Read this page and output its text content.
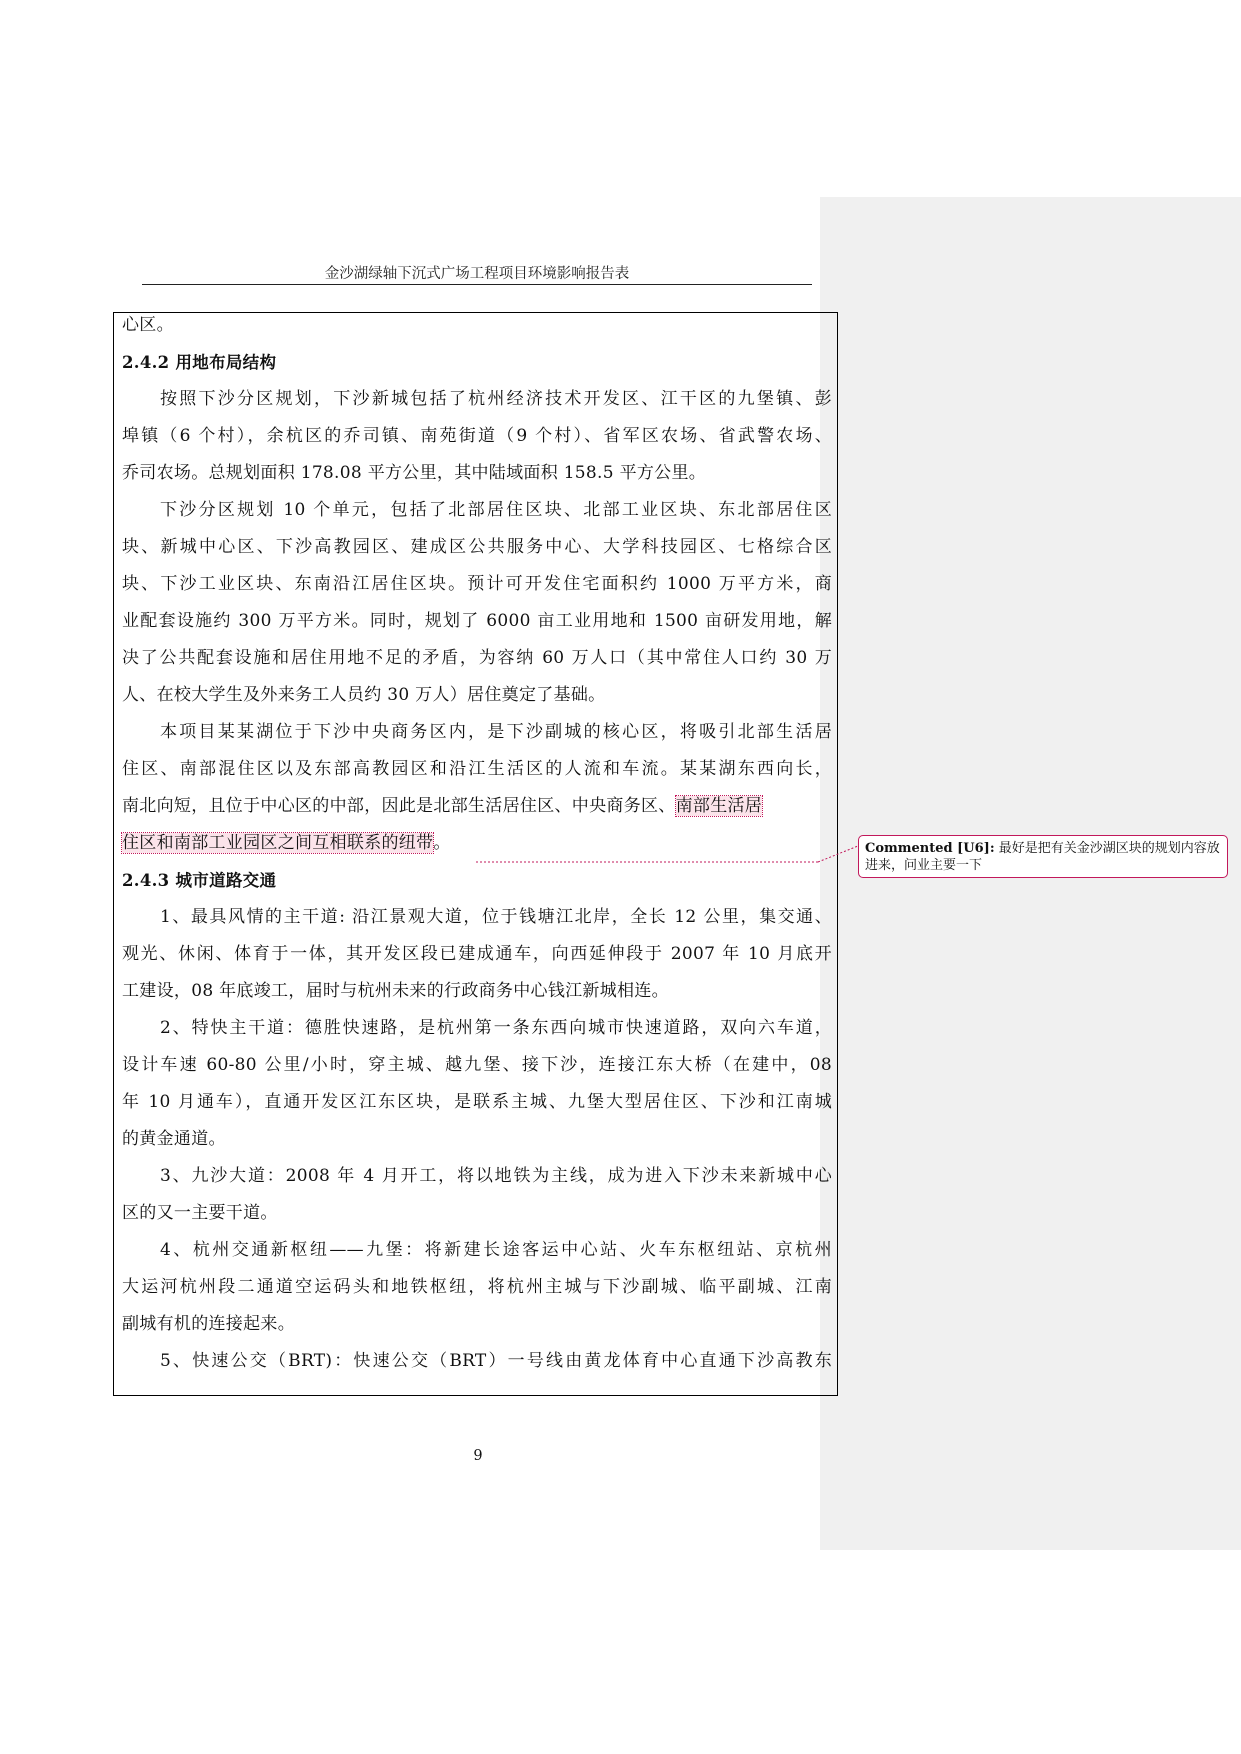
金沙湖绿轴下沉式广场工程项目环境影响报告表
心区。
2.4.2 用地布局结构
按照下沙分区规划，下沙新城包括了杭州经济技术开发区、江干区的九堡镇、彭
埠镇（6 个村），余杭区的乔司镇、南苑街道（9 个村）、省军区农场、省武警农场、
乔司农场。总规划面积 178.08 平方公里，其中陆域面积 158.5 平方公里。
下沙分区规划 10 个单元，包括了北部居住区块、北部工业区块、东北部居住区
块、新城中心区、下沙高教园区、建成区公共服务中心、大学科技园区、七格综合区
块、下沙工业区块、东南沿江居住区块。预计可开发住宅面积约 1000 万平方米，商
业配套设施约 300 万平方米。同时，规划了 6000 亩工业用地和 1500 亩研发用地，解
决了公共配套设施和居住用地不足的矛盾，为容纳 60 万人口（其中常住人口约 30 万
人、在校大学生及外来务工人员约 30 万人）居住奠定了基础。
本项目某某湖位于下沙中央商务区内，是下沙副城的核心区，将吸引北部生活居
住区、南部混住区以及东部高教园区和沿江生活区的人流和车流。某某湖东西向长，
南北向短，且位于中心区的中部，因此是北部生活居住区、中央商务区、南部生活居
住区和南部工业园区之间互相联系的纽带。
2.4.3 城市道路交通
1、最具风情的主干道: 沿江景观大道，位于钱塘江北岸，全长 12 公里，集交通、
观光、休闲、体育于一体，其开发区段已建成通车，向西延伸段于 2007 年 10 月底开
工建设，08 年底竣工，届时与杭州未来的行政商务中心钱江新城相连。
2、特快主干道：德胜快速路，是杭州第一条东西向城市快速道路，双向六车道，
设计车速 60-80 公里/小时，穿主城、越九堡、接下沙，连接江东大桥（在建中，08
年 10 月通车），直通开发区江东区块，是联系主城、九堡大型居住区、下沙和江南城
的黄金通道。
3、九沙大道：2008 年 4 月开工，将以地铁为主线，成为进入下沙未来新城中心
区的又一主要干道。
4、杭州交通新枢纽——九堡：将新建长途客运中心站、火车东枢纽站、京杭州
大运河杭州段二通道空运码头和地铁枢纽，将杭州主城与下沙副城、临平副城、江南
副城有机的连接起来。
5、快速公交（BRT)：快速公交（BRT）一号线由黄龙体育中心直通下沙高教东
Commented [U6]: 最好是把有关金沙湖区块的规划内容放进来，问业主要一下
9
